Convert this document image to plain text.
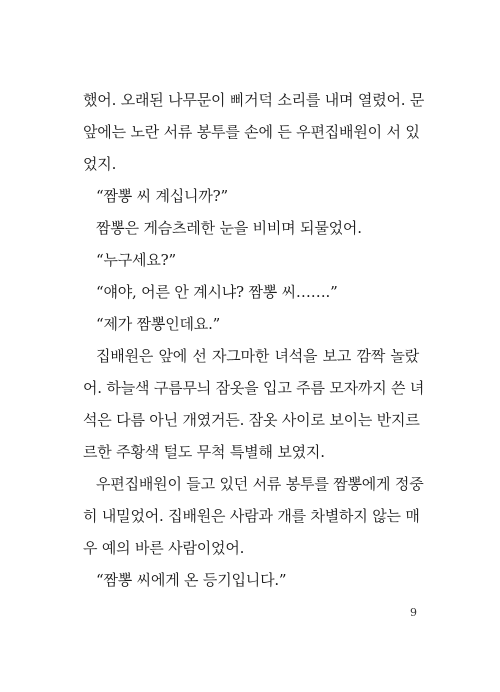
했어. 오래된 나무문이 삐거덕 소리를 내며 열렸어. 문
앞에는 노란 서류 봉투를 손에 든 우편집배원이 서 있
었지.
“짬뽕 씨 계십니까?”
짬뽕은 게슴츠레한 눈을 비비며 되물었어.
“누구세요?”
“얘야, 어른 안 계시냐? 짬뽕 씨…….”
“제가 짬뽕인데요.”
집배원은 앞에 선 자그마한 녀석을 보고 깜짝 놀랐
어. 하늘색 구름무늬 잠옷을 입고 주름 모자까지 쓴 녀
석은 다름 아닌 개였거든. 잠옷 사이로 보이는 반지르
르한 주황색 털도 무척 특별해 보였지.
우편집배원이 들고 있던 서류 봉투를 짬뽕에게 정중
히 내밀었어. 집배원은 사람과 개를 차별하지 않는 매
우 예의 바른 사람이었어.
“짬뽕 씨에게 온 등기입니다.”
9
